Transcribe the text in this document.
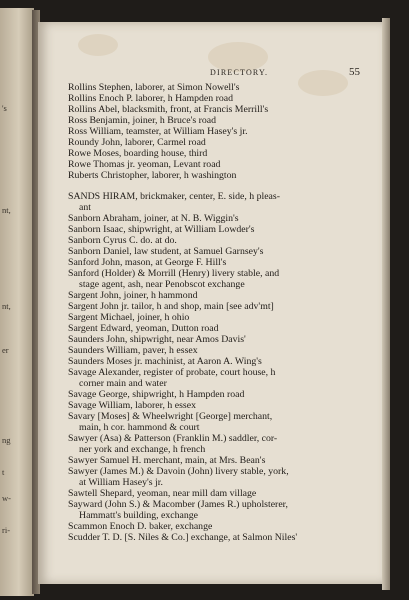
's
nt,
nt,
er
ng
t
w-
ri-
DIRECTORY.	55
Rollins Stephen, laborer, at Simon Nowell's
Rollins Enoch P. laborer, h Hampden road
Rollins Abel, blacksmith, front, at Francis Merrill's
Ross Benjamin, joiner, h Bruce's road
Ross William, teamster, at William Hasey's jr.
Roundy John, laborer, Carmel road
Rowe Moses, boarding house, third
Rowe Thomas jr. yeoman, Levant road
Ruberts Christopher, laborer, h washington
SANDS HIRAM, brickmaker, center, E. side, h pleas-
ant
Sanborn Abraham, joiner, at N. B. Wiggin's
Sanborn Isaac, shipwright, at William Lowder's
Sanborn Cyrus C. do. at do.
Sanborn Daniel, law student, at Samuel Garnsey's
Sanford John, mason, at George F. Hill's
Sanford (Holder) & Morrill (Henry) livery stable, and
stage agent, ash, near Penobscot exchange
Sargent John, joiner, h hammond
Sargent John jr. tailor, h and shop, main [see adv'mt]
Sargent Michael, joiner, h ohio
Sargent Edward, yeoman, Dutton road
Saunders John, shipwright, near Amos Davis'
Saunders William, paver, h essex
Saunders Moses jr. machinist, at Aaron A. Wing's
Savage Alexander, register of probate, court house, h
corner main and water
Savage George, shipwright, h Hampden road
Savage William, laborer, h essex
Savary [Moses] & Wheelwright [George] merchant,
main, h cor. hammond & court
Sawyer (Asa) & Patterson (Franklin M.) saddler, cor-
ner york and exchange, h french
Sawyer Samuel H. merchant, main, at Mrs. Bean's
Sawyer (James M.) & Davoin (John) livery stable, york,
at William Hasey's jr.
Sawtell Shepard, yeoman, near mill dam village
Sayward (John S.) & Macomber (James R.) upholsterer,
Hammatt's building, exchange
Scammon Enoch D. baker, exchange
Scudder T. D. [S. Niles & Co.] exchange, at Salmon Niles'
